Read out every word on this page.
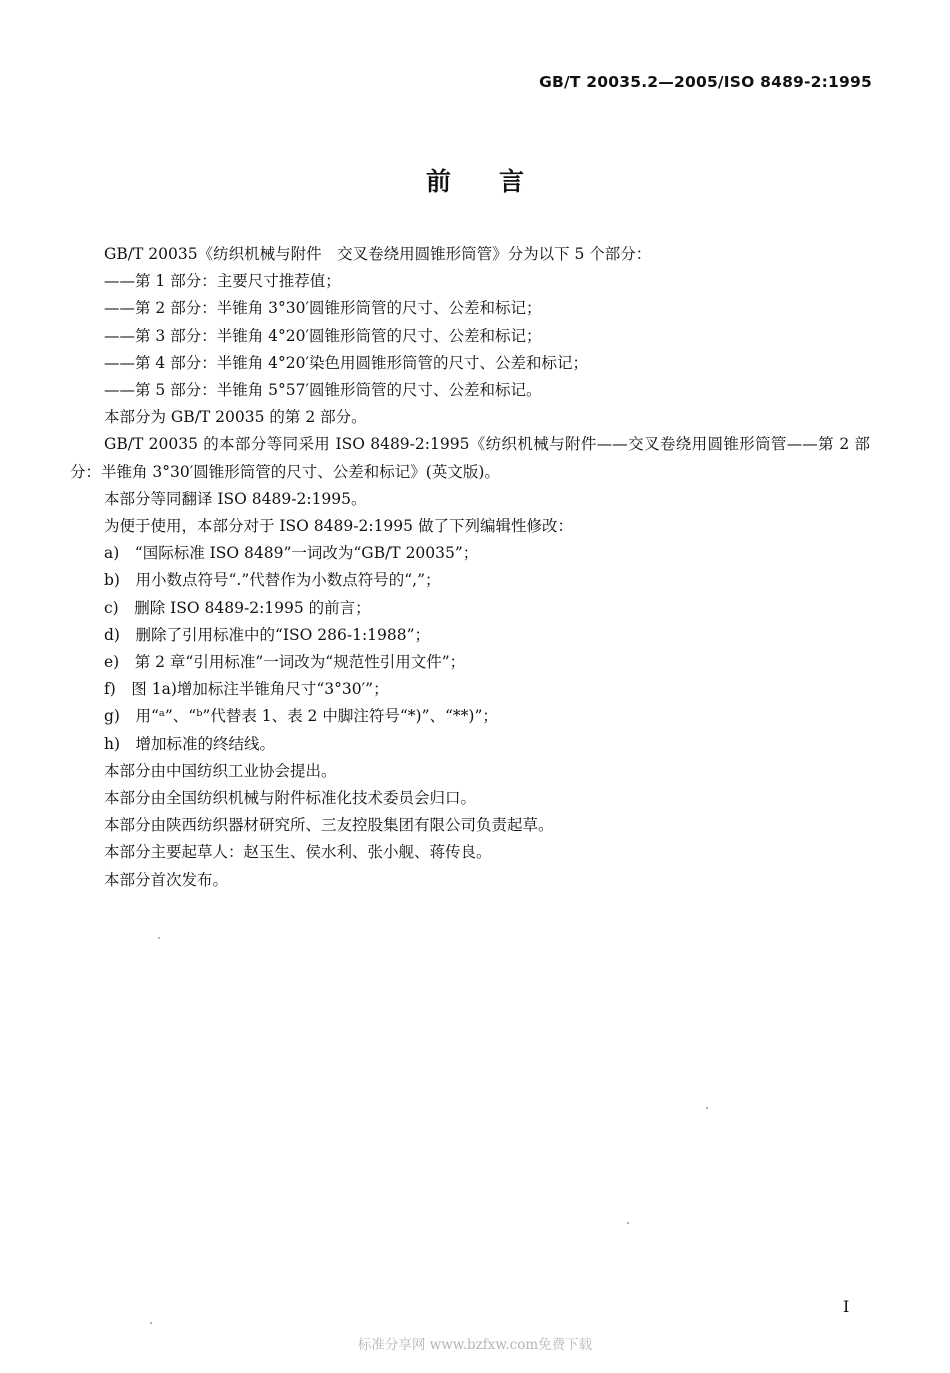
GB/T 20035.2—2005/ISO 8489-2:1995
前言

GB/T 20035《纺织机械与附件　交叉卷绕用圆锥形筒管》分为以下 5 个部分：

——第 1 部分：主要尺寸推荐值；

——第 2 部分：半锥角 3°30′圆锥形筒管的尺寸、公差和标记；

——第 3 部分：半锥角 4°20′圆锥形筒管的尺寸、公差和标记；

——第 4 部分：半锥角 4°20′染色用圆锥形筒管的尺寸、公差和标记；

——第 5 部分：半锥角 5°57′圆锥形筒管的尺寸、公差和标记。

本部分为 GB/T 20035 的第 2 部分。

GB/T 20035 的本部分等同采用 ISO 8489-2:1995《纺织机械与附件——交叉卷绕用圆锥形筒管——第 2 部分：半锥角 3°30′圆锥形筒管的尺寸、公差和标记》(英文版)。

本部分等同翻译 ISO 8489-2:1995。

为便于使用，本部分对于 ISO 8489-2:1995 做了下列编辑性修改：

a)　“国际标准 ISO 8489”一词改为“GB/T 20035”；

b)　用小数点符号“.”代替作为小数点符号的“,”；

c)　删除 ISO 8489-2:1995 的前言；

d)　删除了引用标准中的“ISO 286-1:1988”；

e)　第 2 章“引用标准”一词改为“规范性引用文件”；

f)　图 1a)增加标注半锥角尺寸“3°30′”；

g)　用“ᵃ”、“ᵇ”代替表 1、表 2 中脚注符号“*)”、“**)”；

h)　增加标准的终结线。

本部分由中国纺织工业协会提出。

本部分由全国纺织机械与附件标准化技术委员会归口。

本部分由陕西纺织器材研究所、三友控股集团有限公司负责起草。

本部分主要起草人：赵玉生、侯水利、张小舰、蒋传良。

本部分首次发布。

I
标准分享网 www.bzfxw.com免费下载
